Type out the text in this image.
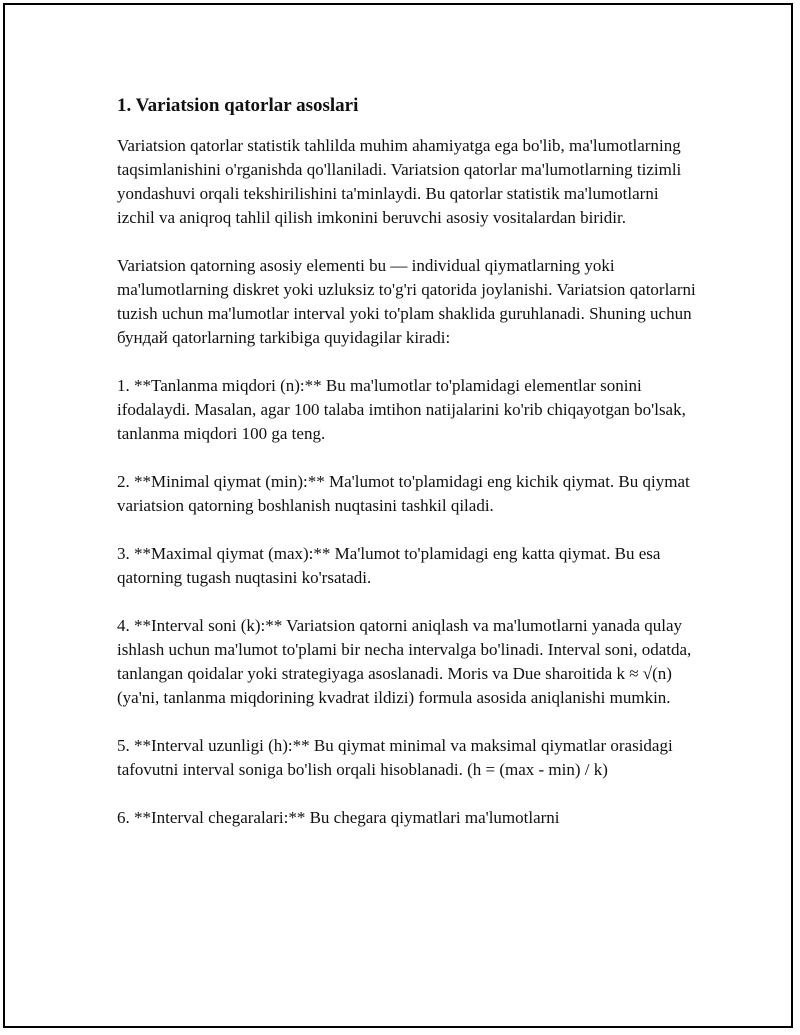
1. Variatsion qatorlar asoslari

Variatsion qatorlar statistik tahlilda muhim ahamiyatga ega bo'lib, ma'lumotlarning taqsimlanishini o'rganishda qo'llaniladi. Variatsion qatorlar ma'lumotlarning tizimli yondashuvi orqali tekshirilishini ta'minlaydi. Bu qatorlar statistik ma'lumotlarni izchil va aniqroq tahlil qilish imkonini beruvchi asosiy vositalardan biridir.

Variatsion qatorning asosiy elementi bu — individual qiymatlarning yoki ma'lumotlarning diskret yoki uzluksiz to'g'ri qatorida joylanishi. Variatsion qatorlarni tuzish uchun ma'lumotlar interval yoki to'plam shaklida guruhlanadi. Shuning uchun бундай qatorlarning tarkibiga quyidagilar kiradi:

1. **Tanlanma miqdori (n):** Bu ma'lumotlar to'plamidagi elementlar sonini ifodalaydi. Masalan, agar 100 talaba imtihon natijalarini ko'rib chiqayotgan bo'lsak, tanlanma miqdori 100 ga teng.

2. **Minimal qiymat (min):** Ma'lumot to'plamidagi eng kichik qiymat. Bu qiymat variatsion qatorning boshlanish nuqtasini tashkil qiladi.

3. **Maximal qiymat (max):** Ma'lumot to'plamidagi eng katta qiymat. Bu esa qatorning tugash nuqtasini ko'rsatadi.

4. **Interval soni (k):** Variatsion qatorni aniqlash va ma'lumotlarni yanada qulay ishlash uchun ma'lumot to'plami bir necha intervalga bo'linadi. Interval soni, odatda, tanlangan qoidalar yoki strategiyaga asoslanadi. Moris va Due sharoitida k ≈ √(n) (ya'ni, tanlanma miqdorining kvadrat ildizi) formula asosida aniqlanishi mumkin.

5. **Interval uzunligi (h):** Bu qiymat minimal va maksimal qiymatlar orasidagi tafovutni interval soniga bo'lish orqali hisoblanadi. (h = (max - min) / k)

6. **Interval chegaralari:** Bu chegara qiymatlari ma'lumotlarni
